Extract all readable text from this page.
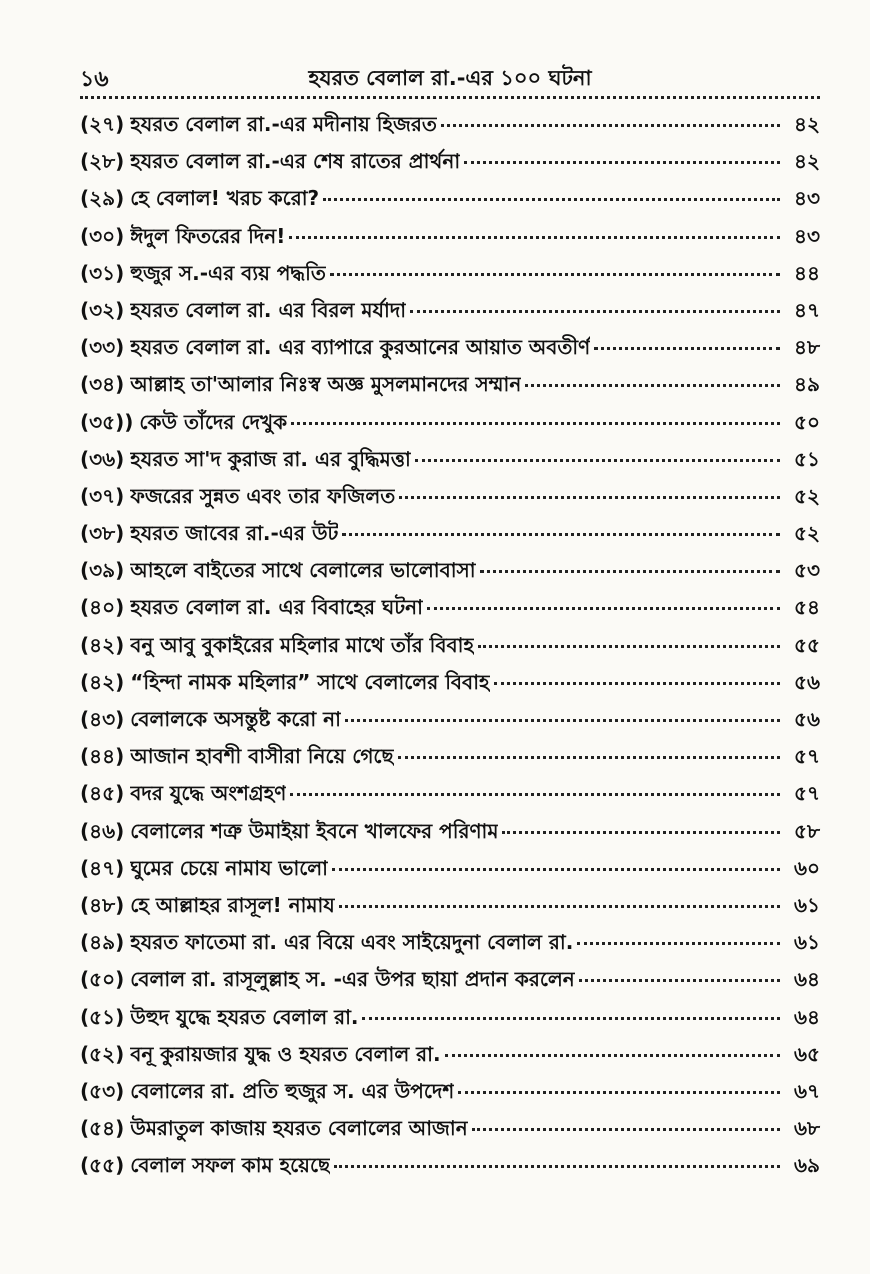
১৬	হযরত বেলাল রা.-এর ১০০ ঘটনা
(২৭) হযরত বেলাল রা.-এর মদীনায় হিজরত	৪২
(২৮) হযরত বেলাল রা.-এর শেষ রাতের প্রার্থনা	৪২
(২৯) হে বেলাল! খরচ করো?	৪৩
(৩০) ঈদুল ফিতরের দিন!	৪৩
(৩১) হুজুর স.-এর ব্যয় পদ্ধতি	৪৪
(৩২) হযরত বেলাল রা. এর বিরল মর্যাদা	৪৭
(৩৩) হযরত বেলাল রা. এর ব্যাপারে কুরআনের আয়াত অবতীর্ণ	৪৮
(৩৪) আল্লাহ তা'আলার নিঃস্ব অজ্ঞ মুসলমানদের সম্মান	৪৯
(৩৫)) কেউ তাঁদের দেখুক	৫০
(৩৬) হযরত সা'দ কুরাজ রা. এর বুদ্ধিমত্তা	৫১
(৩৭) ফজরের সুন্নত এবং তার ফজিলত	৫২
(৩৮) হযরত জাবের রা.-এর উট	৫২
(৩৯) আহলে বাইতের সাথে বেলালের ভালোবাসা	৫৩
(৪০) হযরত বেলাল রা. এর বিবাহের ঘটনা	৫৪
(৪২) বনু আবু বুকাইরের মহিলার মাথে তাঁর বিবাহ	৫৫
(৪২) “হিন্দা নামক মহিলার” সাথে বেলালের বিবাহ	৫৬
(৪৩) বেলালকে অসন্তুষ্ট করো না	৫৬
(৪৪) আজান হাবশী বাসীরা নিয়ে গেছে	৫৭
(৪৫) বদর যুদ্ধে অংশগ্রহণ	৫৭
(৪৬) বেলালের শত্রু উমাইয়া ইবনে খালফের পরিণাম	৫৮
(৪৭) ঘুমের চেয়ে নামায ভালো	৬০
(৪৮) হে আল্লাহর রাসূল! নামায	৬১
(৪৯) হযরত ফাতেমা রা. এর বিয়ে এবং সাইয়েদুনা বেলাল রা.	৬১
(৫০) বেলাল রা. রাসূলুল্লাহ স. -এর উপর ছায়া প্রদান করলেন	৬৪
(৫১) উহুদ যুদ্ধে হযরত বেলাল রা.	৬৪
(৫২) বনূ কুরায়জার যুদ্ধ ও হযরত বেলাল রা.	৬৫
(৫৩) বেলালের রা. প্রতি হুজুর স. এর উপদেশ	৬৭
(৫৪) উমরাতুল কাজায় হযরত বেলালের আজান	৬৮
(৫৫) বেলাল সফল কাম হয়েছে	৬৯
